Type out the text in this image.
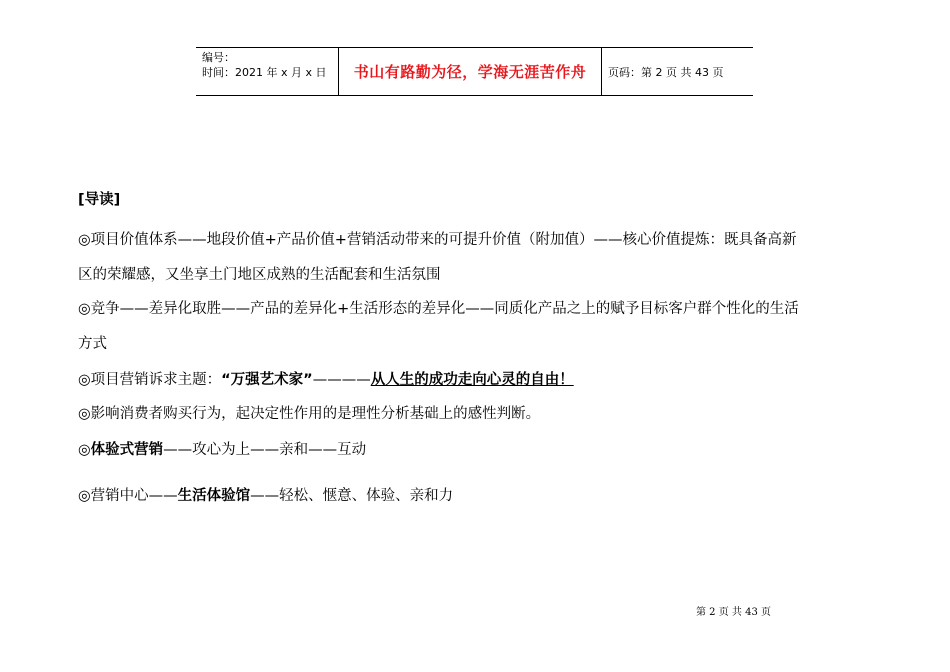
编号：
时间：2021 年 x 月 x 日	书山有路勤为径，学海无涯苦作舟	页码：第 2 页 共 43 页
[导读]
◎项目价值体系——地段价值+产品价值+营销活动带来的可提升价值（附加值）——核心价值提炼：既具备高新
区的荣耀感，又坐享土门地区成熟的生活配套和生活氛围
◎竞争——差异化取胜——产品的差异化+生活形态的差异化——同质化产品之上的赋予目标客户群个性化的生活
方式
◎项目营销诉求主题：“万强艺术家”————从人生的成功走向心灵的自由！
◎影响消费者购买行为，起决定性作用的是理性分析基础上的感性判断。
◎体验式营销——攻心为上——亲和——互动
◎营销中心——生活体验馆——轻松、惬意、体验、亲和力
第 2 页 共 43 页
